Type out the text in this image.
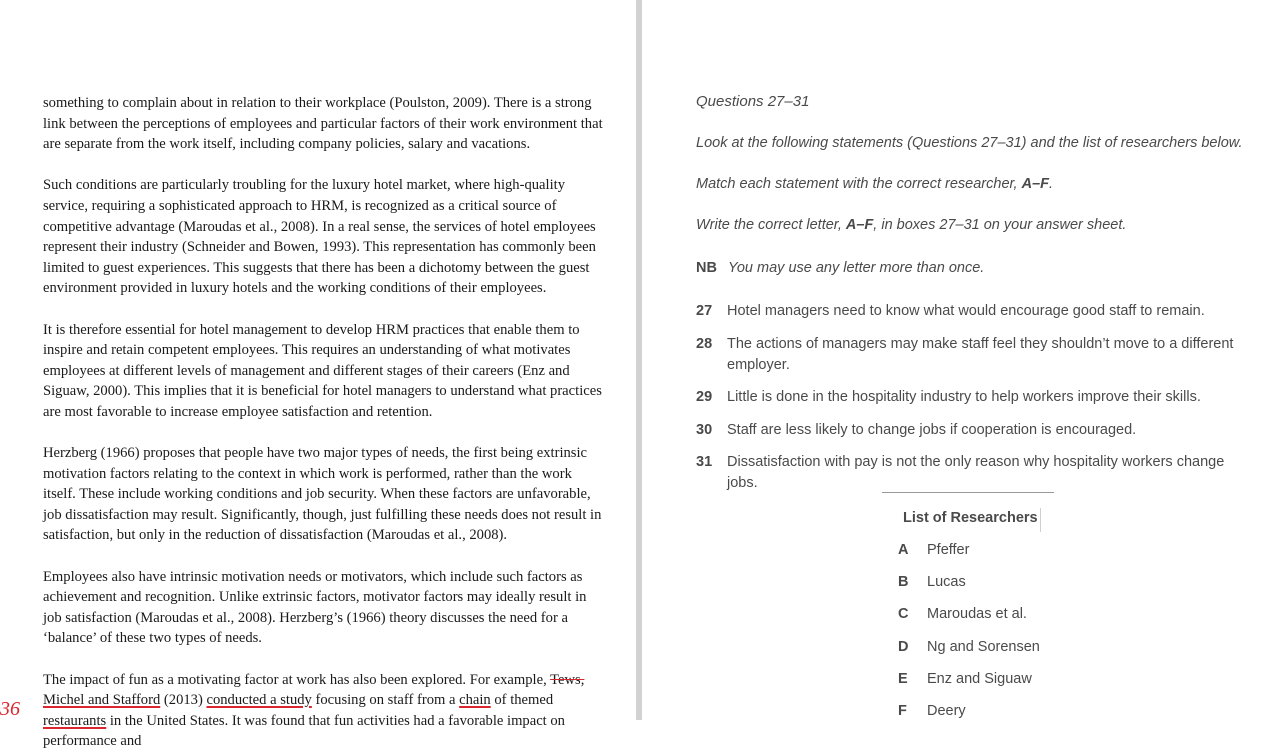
something to complain about in relation to their workplace (Poulston, 2009). There is a strong link between the perceptions of employees and particular factors of their work environment that are separate from the work itself, including company policies, salary and vacations.

Such conditions are particularly troubling for the luxury hotel market, where high-quality service, requiring a sophisticated approach to HRM, is recognized as a critical source of competitive advantage (Maroudas et al., 2008). In a real sense, the services of hotel employees represent their industry (Schneider and Bowen, 1993). This representation has commonly been limited to guest experiences. This suggests that there has been a dichotomy between the guest environment provided in luxury hotels and the working conditions of their employees.

It is therefore essential for hotel management to develop HRM practices that enable them to inspire and retain competent employees. This requires an understanding of what motivates employees at different levels of management and different stages of their careers (Enz and Siguaw, 2000). This implies that it is beneficial for hotel managers to understand what practices are most favorable to increase employee satisfaction and retention.

Herzberg (1966) proposes that people have two major types of needs, the first being extrinsic motivation factors relating to the context in which work is performed, rather than the work itself. These include working conditions and job security. When these factors are unfavorable, job dissatisfaction may result. Significantly, though, just fulfilling these needs does not result in satisfaction, but only in the reduction of dissatisfaction (Maroudas et al., 2008).

Employees also have intrinsic motivation needs or motivators, which include such factors as achievement and recognition. Unlike extrinsic factors, motivator factors may ideally result in job satisfaction (Maroudas et al., 2008). Herzberg’s (1966) theory discusses the need for a ‘balance’ of these two types of needs.

The impact of fun as a motivating factor at work has also been explored. For example, Tews, Michel and Stafford (2013) conducted a study focusing on staff from a chain of themed restaurants in the United States. It was found that fun activities had a favorable impact on performance and

36
Questions 27–31
Look at the following statements (Questions 27–31) and the list of researchers below.
Match each statement with the correct researcher, A–F.
Write the correct letter, A–F, in boxes 27–31 on your answer sheet.
NB You may use any letter more than once.
27	Hotel managers need to know what would encourage good staff to remain.
28	The actions of managers may make staff feel they shouldn’t move to a different employer.
29	Little is done in the hospitality industry to help workers improve their skills.
30	Staff are less likely to change jobs if cooperation is encouraged.
31	Dissatisfaction with pay is not the only reason why hospitality workers change jobs.
List of Researchers
A	Pfeffer
B	Lucas
C	Maroudas et al.
D	Ng and Sorensen
E	Enz and Siguaw
F	Deery
